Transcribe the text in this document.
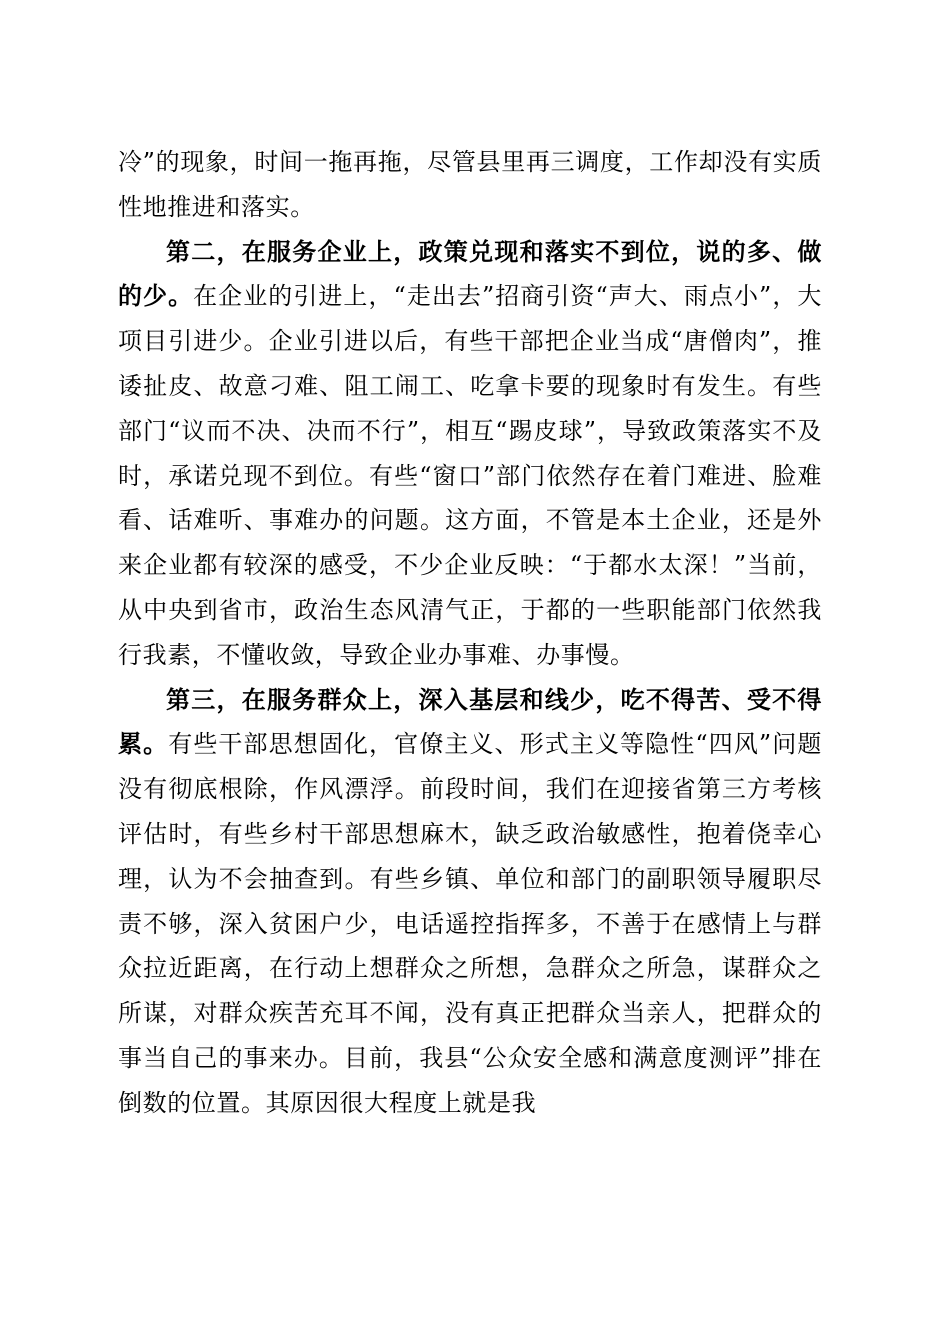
冷”的现象，时间一拖再拖，尽管县里再三调度，工作却没有实质性地推进和落实。

第二，在服务企业上，政策兑现和落实不到位，说的多、做的少。在企业的引进上，“走出去”招商引资“声大、雨点小”，大项目引进少。企业引进以后，有些干部把企业当成“唐僧肉”，推诿扯皮、故意刁难、阻工闹工、吃拿卡要的现象时有发生。有些部门“议而不决、决而不行”，相互“踢皮球”，导致政策落实不及时，承诺兑现不到位。有些“窗口”部门依然存在着门难进、脸难看、话难听、事难办的问题。这方面，不管是本土企业，还是外来企业都有较深的感受，不少企业反映：“于都水太深！”当前，从中央到省市，政治生态风清气正，于都的一些职能部门依然我行我素，不懂收敛，导致企业办事难、办事慢。

第三，在服务群众上，深入基层和线少，吃不得苦、受不得累。有些干部思想固化，官僚主义、形式主义等隐性“四风”问题没有彻底根除，作风漂浮。前段时间，我们在迎接省第三方考核评估时，有些乡村干部思想麻木，缺乏政治敏感性，抱着侥幸心理，认为不会抽查到。有些乡镇、单位和部门的副职领导履职尽责不够，深入贫困户少，电话遥控指挥多，不善于在感情上与群众拉近距离，在行动上想群众之所想，急群众之所急，谋群众之所谋，对群众疾苦充耳不闻，没有真正把群众当亲人，把群众的事当自己的事来办。目前，我县“公众安全感和满意度测评”排在倒数的位置。其原因很大程度上就是我
